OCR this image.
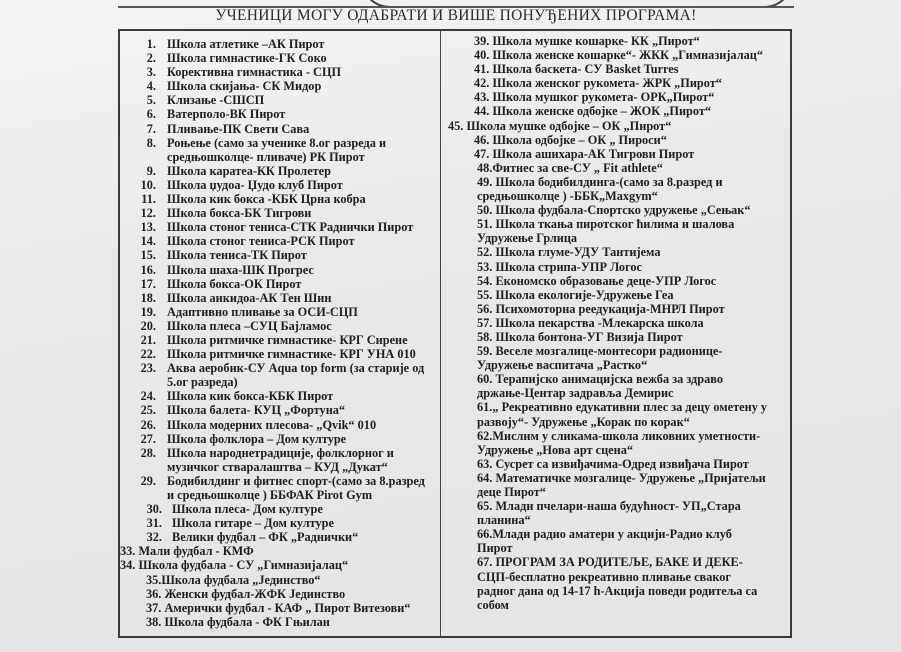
УЧЕНИЦИ МОГУ ОДАБРАТИ И ВИШЕ ПОНУЂЕНИХ ПРОГРАМА!
1. Школа атлетике –АК Пирот
2. Школа гимнастике-ГК Соко
3. Корективна гимнастика - СЦП
4. Школа скијања- СК Мидор
5. Клизање -СШСП
6. Ватерполо-ВК Пирот
7. Пливање-ПК Свети Сава
8. Роњење (само за ученике 8.ог разреда и
средњошколце- пливаче) РК Пирот
9. Школа каратеа-КК Пролетер
10. Школа џудоа- Џудо клуб Пирот
11. Школа кик бокса -КБК Црна кобра
12. Школа бокса-БК Тигрови
13. Школа стоног тениса-СТК Раднички Пирот
14. Школа стоног тениса-РСК Пирот
15. Школа тениса-ТК Пирот
16. Школа шаха-ШК Прогрес
17. Школа бокса-ОК Пирот
18. Школа аикидоа-АК Тен Шин
19. Адаптивно пливање за ОСИ-СЦП
20. Школа плеса –СУЦ Бајламос
21. Школа ритмичке гимнастике- КРГ Сирене
22. Школа ритмичке гимнастике- КРГ УНА 010
23. Аква аеробик-СУ Aqua top form (за старије од
5.ог разреда)
24. Школа кик бокса-КБК Пирот
25. Школа балета- КУЦ „Фортуна“
26. Школа модерних плесова- „Qvik“ 010
27. Школа фолклора – Дом културе
28. Школа народнетрадиције, фолклорног и
музичког стваралаштва – КУД „Дукат“
29. Бодибилдинг и фитнес спорт-(само за 8.разред
и средњошколце ) ББФАК Pirot Gym
30. Школа плеса- Дом културе
31. Школа гитаре – Дом културе
32. Велики фудбал – ФК „Раднички“
33. Мали фудбал - КМФ
34. Школа фудбала - СУ „Гимназијалац“
35.Школа фудбала „Јединство“
36. Женски фудбал-ЖФК Јединство
37. Амерички фудбал - КАФ „ Пирот Витезови“
38. Школа фудбала - ФК Гњилан
39. Школа мушке кошарке- КК „Пирот“
40. Школа женске кошарке“- ЖКК „Гимназијалац“
41. Школа баскета- СУ Basket Turres
42. Школа женског рукомета- ЖРК „Пирот“
43. Школа мушког рукомета- ОРК„Пирот“
44. Школа женске одбојке – ЖОК „Пирот“
45. Школа мушке одбојке – ОК „Пирот“
46. Школа одбојке – ОК „ Пироси“
47. Школа ашихара-АК Тигрови Пирот
48.Фитнес за све-СУ „ Fit athlete“
49. Школа бодибилдинга-(само за 8.разред и
средњошколце ) -ББК„Maxgym“
50. Школа фудбала-Спортско удружење „Сењак“
51. Школа ткања пиротског ћилима и шалова
Удружење Грлица
52. Школа глуме-УДУ Тантијема
53. Школа стрипа-УПР Логос
54. Економско образовање деце-УПР Логос
55. Школа екологије-Удружење Геа
56. Психомоторна реедукација-МНРЛ Пирот
57. Школа пекарства -Млекарска школа
58. Школа бонтона-УГ Визија Пирот
59. Веселе мозгалице-монтесори радионице-
Удружење васпитача „Растко“
60. Терапијско анимацијска вежба за здраво
држање-Центар задравља Демирис
61.„ Рекреативно едукативни плес за децу ометену у
развоју“- Удружење „Корак по корак“
62.Мислим у сликама-школа ликовних уметности-
Удружење „Нова арт сцена“
63. Сусрет са извиђачима-Одред извиђача Пирот
64. Математичке мозгалице- Удружење „Пријатељи
деце Пирот“
65. Млади пчелари-наша будућност- УП„Стара
планина“
66.Млади радио аматери у акцији-Радио клуб
Пирот
67. ПРОГРАМ ЗА РОДИТЕЉЕ, БАКЕ И ДЕКЕ-
СЦП-бесплатно рекреативно пливање сваког
радног дана од 14-17 h-Акција поведи родитеља са
собом
